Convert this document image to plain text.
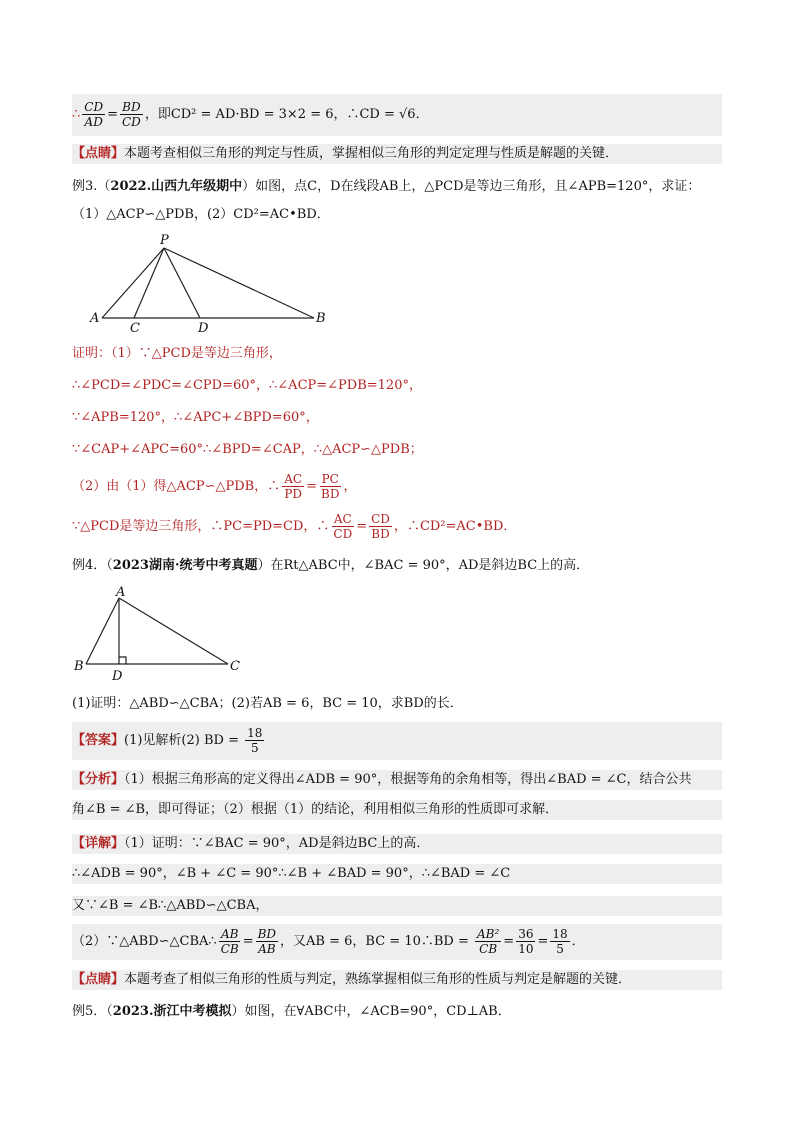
∴ $\frac{CD}{AD} = \frac{BD}{CD}$ ，即CD² = AD·BD = 3×2 = 6，∴CD = √6．
【点睛】本题考查相似三角形的判定与性质，掌握相似三角形的判定定理与性质是解题的关键．
例3.（2022.山西九年级期中）如图，点C，D在线段AB上，△PCD是等边三角形，且∠APB=120°，求证：
（1）△ACP∽△PDB，(2）CD²=AC•BD．
P
A
C	D
B
证明：（1）∵△PCD是等边三角形，
∴∠PCD=∠PDC=∠CPD=60°，∴∠ACP=∠PDB=120°，
∵∠APB=120°，∴∠APC+∠BPD=60°，
∵∠CAP+∠APC=60°∴∠BPD=∠CAP，∴△ACP∽△PDB；
（2）由（1）得△ACP∽△PDB，∴ $\frac{AC}{PD} = \frac{PC}{BD}$ ，
∵△PCD是等边三角形，∴PC=PD=CD，∴ $\frac{AC}{CD} = \frac{CD}{BD}$ ，∴CD²=AC•BD．
例4．（2023湖南·统考中考真题）在Rt△ABC中，∠BAC = 90°，AD是斜边BC上的高．
A
B
D
C
(1)证明：△ABD∽△CBA；(2)若AB = 6，BC = 10，求BD的长．
【答案】(1)见解析(2) BD = $\frac{18}{5}$
【分析】（1）根据三角形高的定义得出∠ADB = 90°，根据等角的余角相等，得出∠BAD = ∠C，结合公共
角∠B = ∠B，即可得证；（2）根据（1）的结论，利用相似三角形的性质即可求解．
【详解】（1）证明：∵∠BAC = 90°，AD是斜边BC上的高．
∴∠ADB = 90°，∠B + ∠C = 90°∴∠B + ∠BAD = 90°，∴∠BAD = ∠C
又∵∠B = ∠B∴△ABD∽△CBA，
（2）∵△ABD∽△CBA∴ $\frac{AB}{CB} = \frac{BD}{AB}$ ，又AB = 6，BC = 10∴BD = $\frac{\text{AB²}}{CB} = \frac{36}{10} = \frac{18}{5}$ ．
【点睛】本题考查了相似三角形的性质与判定，熟练掌握相似三角形的性质与判定是解题的关键．
例5．（2023.浙江中考模拟）如图，在∀ABC中，∠ACB=90°，CD⊥AB．
